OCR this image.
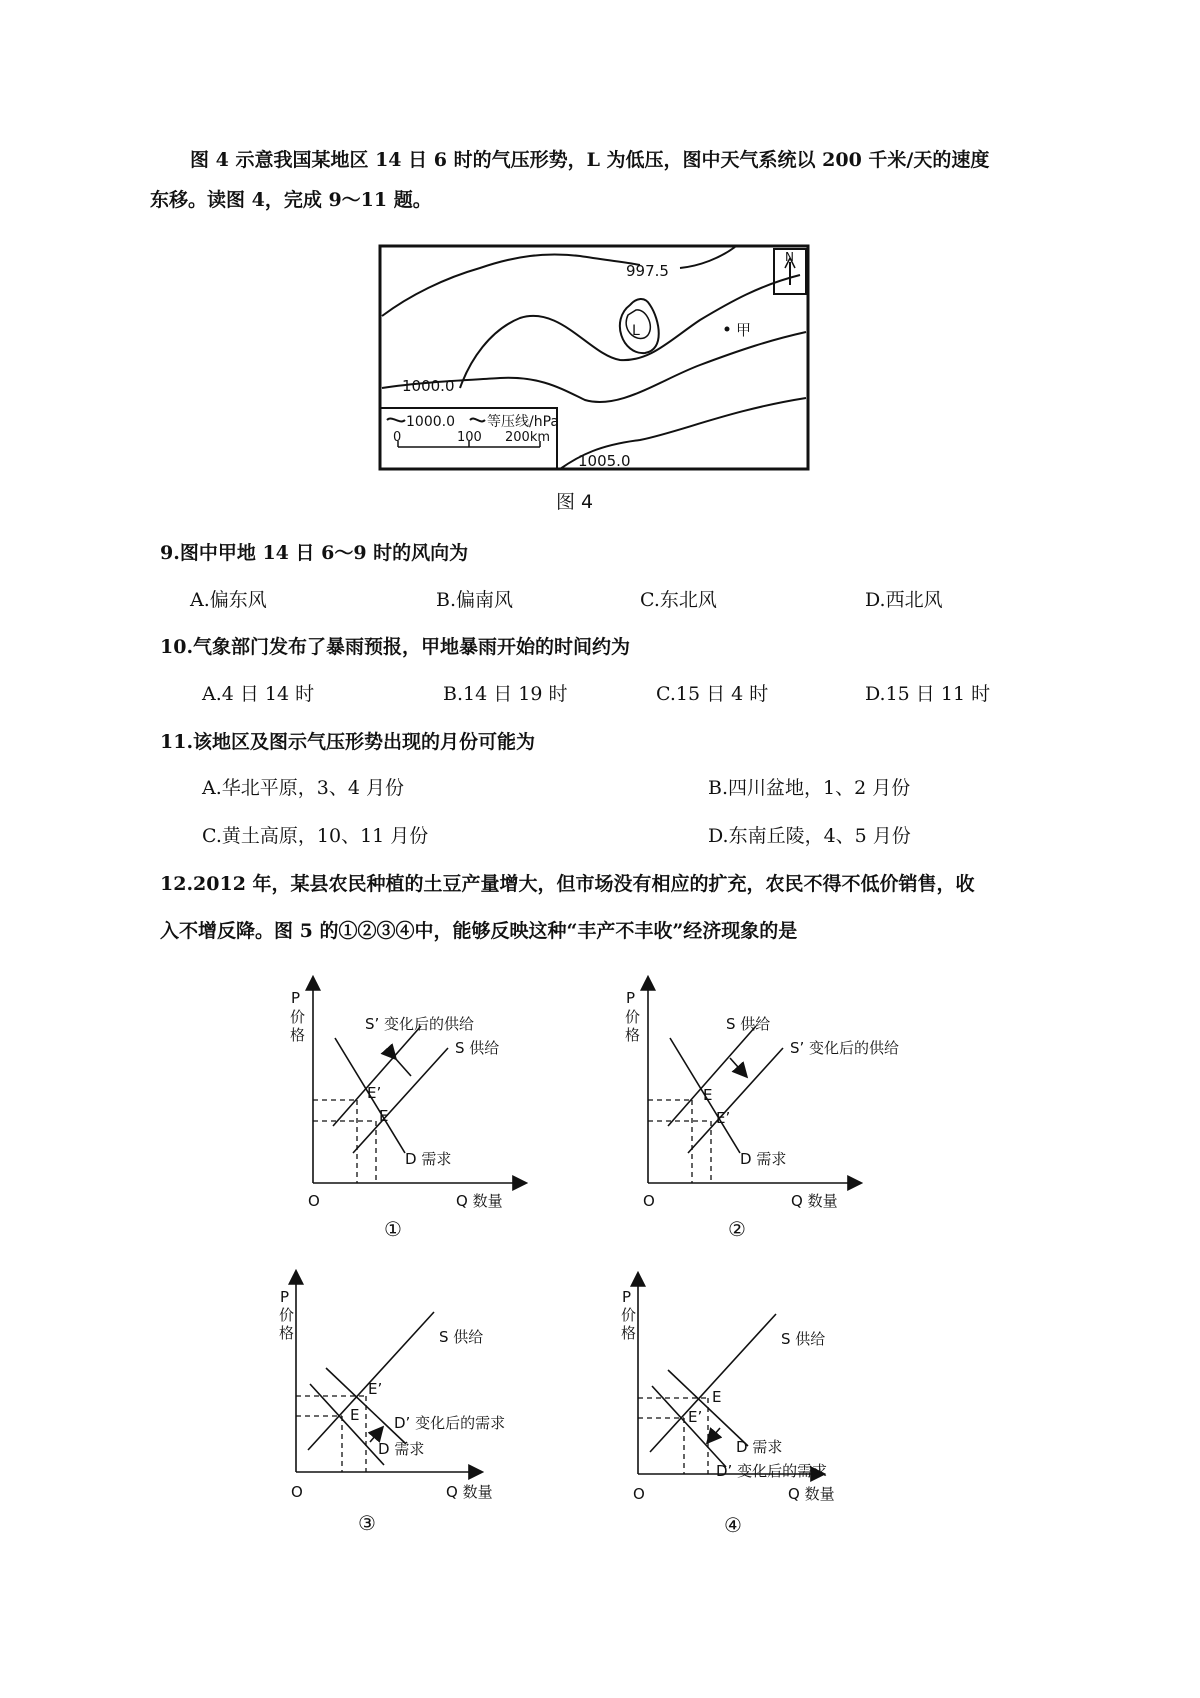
图 4 示意我国某地区 14 日 6 时的气压形势，L 为低压，图中天气系统以 200 千米/天的速度
东移。读图 4，完成 9～11 题。
997.5
1000.0
1005.0
L	甲
N
1000.0 等压线/hPa
0	100 200km
图 4
9.图中甲地 14 日 6～9 时的风向为
A.偏东风	B.偏南风	C.东北风	D.西北风
10.气象部门发布了暴雨预报，甲地暴雨开始的时间约为
A.4 日 14 时	B.14 日 19 时	C.15 日 4 时	D.15 日 11 时
11.该地区及图示气压形势出现的月份可能为
A.华北平原，3、4 月份	B.四川盆地，1、2 月份
C.黄土高原，10、11 月份	D.东南丘陵，4、5 月份
12.2012 年，某县农民种植的土豆产量增大，但市场没有相应的扩充，农民不得不低价销售，收
入不增反降。图 5 的①②③④中，能够反映这种“丰产不丰收”经济现象的是
P
价
格
O	Q 数量
S’ 变化后的供给
S 供给
E’
E
D 需求
①
P
价
格
O	Q 数量
S 供给
S’ 变化后的供给
E
E’
D 需求
②
P
价
格
O	Q 数量
S 供给
E’
E D’ 变化后的需求
D 需求
③
P
价
格
O	Q 数量
S 供给
E
E’
D 需求
D’ 变化后的需求
④
